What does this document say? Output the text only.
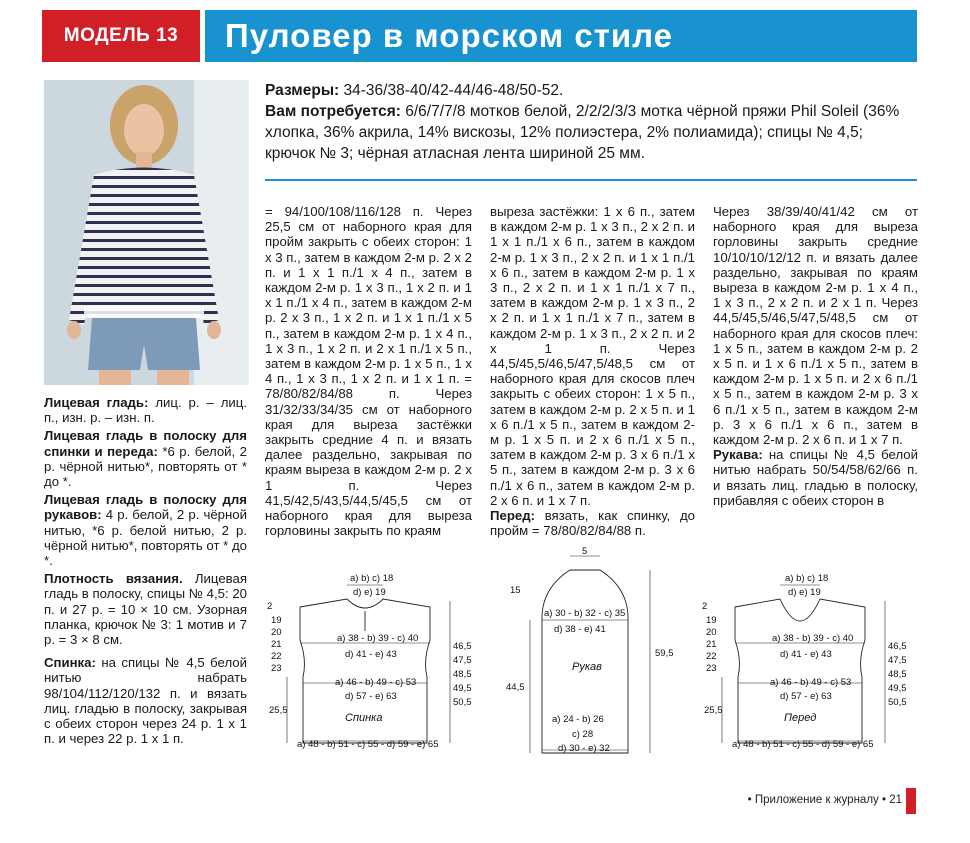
МОДЕЛЬ 13	Пуловер в морском стиле
Размеры: 34-36/38-40/42-44/46-48/50-52.
Вам потребуется: 6/6/7/7/8 мотков белой, 2/2/2/3/3 мотка чёрной пряжи Phil Soleil (36% хлопка, 36% акрила, 14% вискозы, 12% полиэстера, 2% полиамида); спицы № 4,5; крючок № 3; чёрная атласная лента шириной 25 мм.

Лицевая гладь: лиц. р. – лиц. п., изн. р. – изн. п.

Лицевая гладь в полоску для спинки и переда: *6 р. белой, 2 р. чёрной нитью*, повторять от * до *.

Лицевая гладь в полоску для рукавов: 4 р. белой, 2 р. чёрной нитью, *6 р. белой нитью, 2 р. чёрной нитью*, повторять от * до *.

Плотность вязания. Лицевая гладь в полоску, спицы № 4,5: 20 п. и 27 р. = 10 × 10 см. Узорная планка, крючок № 3: 1 мотив и 7 р. = 3 × 8 см.

Спинка: на спицы № 4,5 белой нитью набрать 98/104/112/120/132 п. и вязать лиц. гладью в полоску, закрывая с обеих сторон через 24 р. 1 х 1 п. и через 22 р. 1 х 1 п.

= 94/100/108/116/128 п. Через 25,5 см от наборного края для пройм закрыть с обеих сторон: 1 х 3 п., затем в каждом 2-м р. 2 х 2 п. и 1 х 1 п./1 х 4 п., затем в каждом 2-м р. 1 х 3 п., 1 х 2 п. и 1 х 1 п./1 х 4 п., затем в каждом 2-м р. 2 х 3 п., 1 х 2 п. и 1 х 1 п./1 х 5 п., затем в каждом 2-м р. 1 х 4 п., 1 х 3 п., 1 х 2 п. и 2 х 1 п./1 х 5 п., затем в каждом 2-м р. 1 х 5 п., 1 х 4 п., 1 х 3 п., 1 х 2 п. и 1 х 1 п. = 78/80/82/84/88 п. Через 31/32/33/34/35 см от наборного края для выреза застёжки закрыть средние 4 п. и вязать далее раздельно, закрывая по краям выреза в каждом 2-м р. 2 х 1 п. Через 41,5/42,5/43,5/44,5/45,5 см от наборного края для выреза горловины закрыть по краям

выреза застёжки: 1 х 6 п., затем в каждом 2-м р. 1 х 3 п., 2 х 2 п. и 1 х 1 п./1 х 6 п., затем в каждом 2-м р. 1 х 3 п., 2 х 2 п. и 1 х 1 п./1 х 6 п., затем в каждом 2-м р. 1 х 3 п., 2 х 2 п. и 1 х 1 п./1 х 7 п., затем в каждом 2-м р. 1 х 3 п., 2 х 2 п. и 1 х 1 п./1 х 7 п., затем в каждом 2-м р. 1 х 3 п., 2 х 2 п. и 2 х 1 п. Через 44,5/45,5/46,5/47,5/48,5 см от наборного края для скосов плеч закрыть с обеих сторон: 1 х 5 п., затем в каждом 2-м р. 2 х 5 п. и 1 х 6 п./1 х 5 п., затем в каждом 2-м р. 1 х 5 п. и 2 х 6 п./1 х 5 п., затем в каждом 2-м р. 3 х 6 п./1 х 5 п., затем в каждом 2-м р. 3 х 6 п./1 х 6 п., затем в каждом 2-м р. 2 х 6 п. и 1 х 7 п.

Перед: вязать, как спинку, до пройм = 78/80/82/84/88 п.

Через 38/39/40/41/42 см от наборного края для выреза горловины закрыть средние 10/10/10/12/12 п. и вязать далее раздельно, закрывая по краям выреза в каждом 2-м р. 1 х 4 п., 1 х 3 п., 2 х 2 п. и 2 х 1 п. Через 44,5/45,5/46,5/47,5/48,5 см от наборного края для скосов плеч: 1 х 5 п., затем в каждом 2-м р. 2 х 5 п. и 1 х 6 п./1 х 5 п., затем в каждом 2-м р. 1 х 5 п. и 2 х 6 п./1 х 5 п., затем в каждом 2-м р. 3 х 6 п./1 х 5 п., затем в каждом 2-м р. 3 х 6 п./1 х 6 п., затем в каждом 2-м р. 2 х 6 п. и 1 х 7 п.

Рукава: на спицы № 4,5 белой нитью набрать 50/54/58/62/66 п. и вязать лиц. гладью в полоску, прибавляя с обеих сторон в

a) b) c) 18
d) e) 19
2
19
20
21
22
23
a) 38 - b) 39 - c) 40
d) 41 - e) 43
a) 46 - b) 49 - c) 53
d) 57 - e) 63
Спинка
a) 48 - b) 51 - c) 55 - d) 59 - e) 65
25,5
46,5
47,5
48,5
49,5
50,5
5
15
a) 30 - b) 32 - c) 35
d) 38 - e) 41
Рукав
44,5
59,5
a) 24 - b) 26
c) 28
d) 30 - e) 32
a) b) c) 18
d) e) 19
2
19
20
21
22
23
a) 38 - b) 39 - c) 40
d) 41 - e) 43
a) 46 - b) 49 - c) 53
d) 57 - e) 63
Перед
a) 48 - b) 51 - c) 55 - d) 59 - e) 65
25,5
46,5
47,5
48,5
49,5
50,5
• Приложение к журналу • 21
